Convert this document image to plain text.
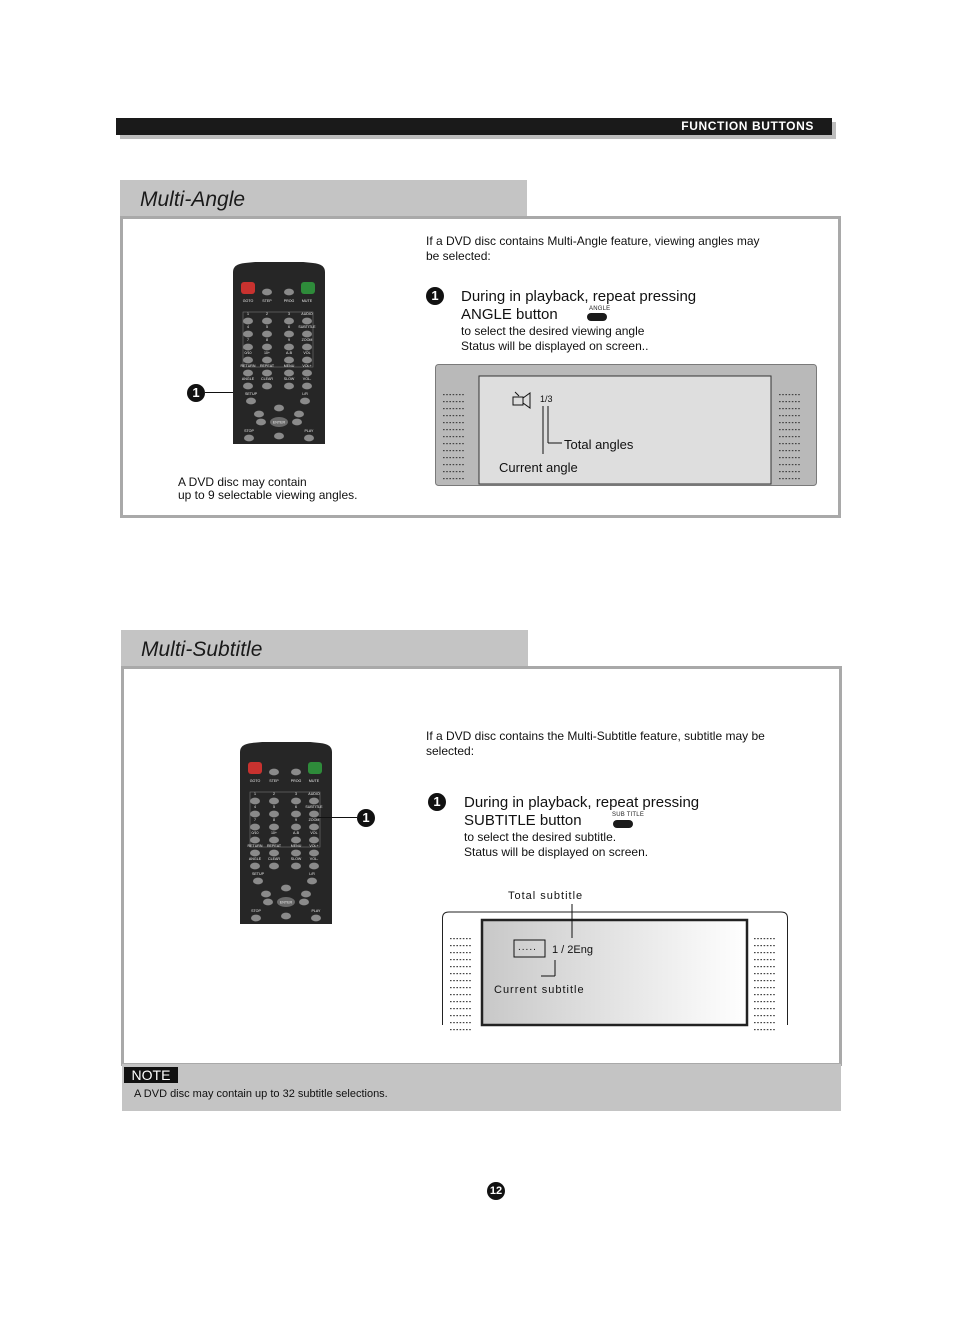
FUNCTION BUTTONS
Multi-Angle
GOTO	STEP	PROG MUTE
1	2	3	AUDIO
4	5	6 SUBTITLE
7	8	9	ZOOM
0/10	10+	A-B	VOL
RETURN REPEAT	MENU VOL+
ANGLE CLEAR	SLOW VOL-
SETUP	L/R
ENTER
STOP	PLAY
1
A DVD disc may contain
up to 9 selectable viewing angles.
If a DVD disc contains Multi-Angle feature, viewing angles may be selected:
1	During in playback, repeat pressing
ANGLE button	ANGLE
to select the desired viewing angle
Status will be displayed on screen..
1/3
Total angles
Current angle
Multi-Subtitle
GOTO	STEP	PROG MUTE
1	2	3	AUDIO
4	5	6 SUBTITLE
7	8	9	ZOOM
0/10	10+	A-B	VOL
RETURN REPEAT	MENU VOL+
ANGLE CLEAR	SLOW VOL-
SETUP	L/R
ENTER
STOP	PLAY
1
If a DVD disc contains the Multi-Subtitle feature, subtitle may be selected:
1	During in playback, repeat pressing
SUBTITLE button	SUB TITLE
to select the desired subtitle.
Status will be displayed on screen.
Total subtitle
..... 1 / 2Eng
Current subtitle
NOTE
A DVD disc may contain up to 32 subtitle selections.
12
